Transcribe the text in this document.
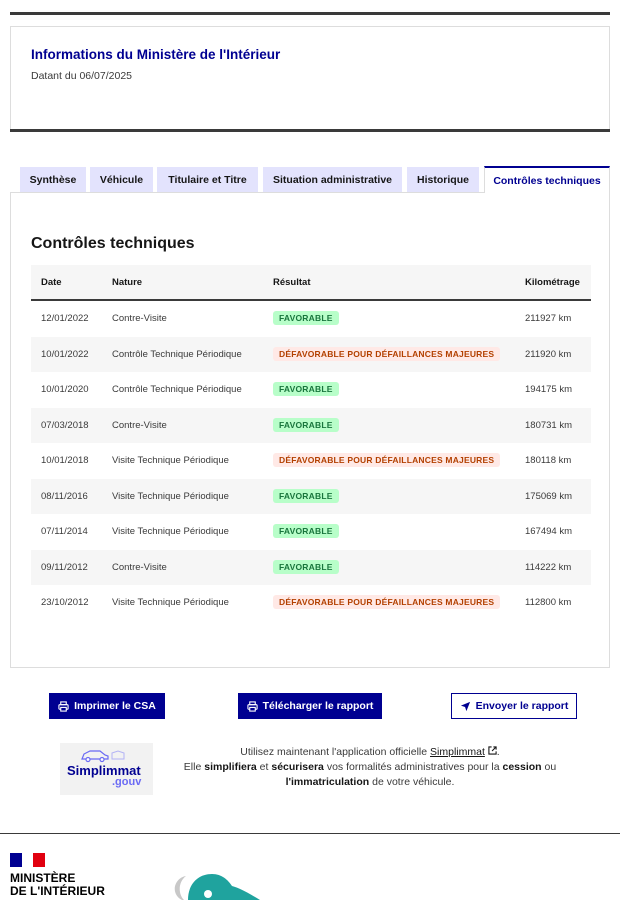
Informations du Ministère de l'Intérieur
Datant du 06/07/2025
Synthèse	Véhicule	Titulaire et Titre	Situation administrative	Historique	Contrôles techniques
Contrôles techniques
Date	Nature	Résultat	Kilométrage
12/01/2022 Contre-Visite	FAVORABLE	211927 km
10/01/2022 Contrôle Technique Périodique	DÉFAVORABLE POUR DÉFAILLANCES MAJEURES	211920 km
10/01/2020 Contrôle Technique Périodique	FAVORABLE	194175 km
07/03/2018 Contre-Visite	FAVORABLE	180731 km
10/01/2018 Visite Technique Périodique	DÉFAVORABLE POUR DÉFAILLANCES MAJEURES	180118 km
08/11/2016	Visite Technique Périodique	FAVORABLE	175069 km
07/11/2014	Visite Technique Périodique	FAVORABLE	167494 km
09/11/2012	Contre-Visite	FAVORABLE	114222 km
23/10/2012 Visite Technique Périodique	DÉFAVORABLE POUR DÉFAILLANCES MAJEURES	112800 km
Imprimer le CSA	Télécharger le rapport	Envoyer le rapport
Simplimmat
.gouv
Utilisez maintenant l'application officielle Simplimmat .
Elle simplifiera et sécurisera vos formalités administratives pour la cession ou
l'immatriculation de votre véhicule.
MINISTÈRE
DE L'INTÉRIEUR
